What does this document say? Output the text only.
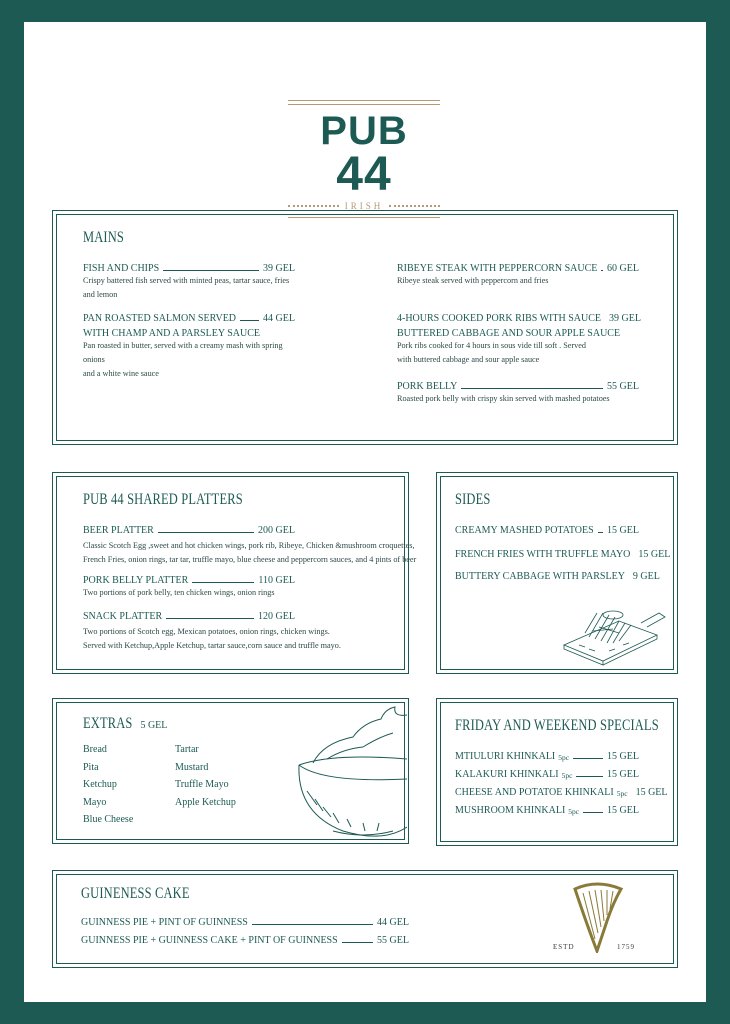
PUB 44
IRISH
MAINS
FISH AND CHIPS	39 GEL
Crispy battered fish served with minted peas, tartar sauce, fries
and lemon
PAN ROASTED SALMON SERVED	44 GEL
WITH CHAMP AND A PARSLEY SAUCE
Pan roasted in butter, served with a creamy mash with spring onions
and a white wine sauce
RIBEYE STEAK WITH PEPPERCORN SAUCE 60 GEL
Ribeye steak served with peppercorn and fries
4-HOURS COOKED PORK RIBS WITH SAUCE 39 GEL
BUTTERED CABBAGE AND SOUR APPLE SAUCE
Pork ribs cooked for 4 hours in sous vide till soft . Served
with buttered cabbage and sour apple sauce
PORK BELLY	55 GEL
Roasted pork belly with crispy skin served with mashed potatoes
PUB 44 SHARED PLATTERS
BEER PLATTER	200 GEL
Classic Scotch Egg ,sweet and hot chicken wings, pork rib, Ribeye, Chicken &mushroom croquettes,
French Fries, onion rings, tar tar, truffle mayo, blue cheese and peppercorn sauces, and 4 pints of beer
PORK BELLY PLATTER	110 GEL
Two portions of pork belly, ten chicken wings, onion rings
SNACK PLATTER	120 GEL
Two portions of Scotch egg, Mexican potatoes, onion rings, chicken wings.
Served with Ketchup,Apple Ketchup, tartar sauce,corn sauce and truffle mayo.
SIDES
CREAMY MASHED POTATOES 15 GEL
FRENCH FRIES WITH TRUFFLE MAYO 15 GEL
BUTTERY CABBAGE WITH PARSLEY 9 GEL
EXTRAS 5 GEL
Bread
Pita
Ketchup
Mayo
Blue Cheese
Tartar
Mustard
Truffle Mayo
Apple Ketchup
FRIDAY AND WEEKEND SPECIALS
MTIULURI KHINKALI 5pc	15 GEL
KALAKURI KHINKALI 5pc	15 GEL
CHEESE AND POTATOE KHINKALI 5pc 15 GEL
MUSHROOM KHINKALI 5pc	15 GEL
GUINENESS CAKE
GUINNESS PIE + PINT OF GUINNESS	44 GEL
GUINNESS PIE + GUINNESS CAKE + PINT OF GUINNESS	55 GEL
ESTD	1759
